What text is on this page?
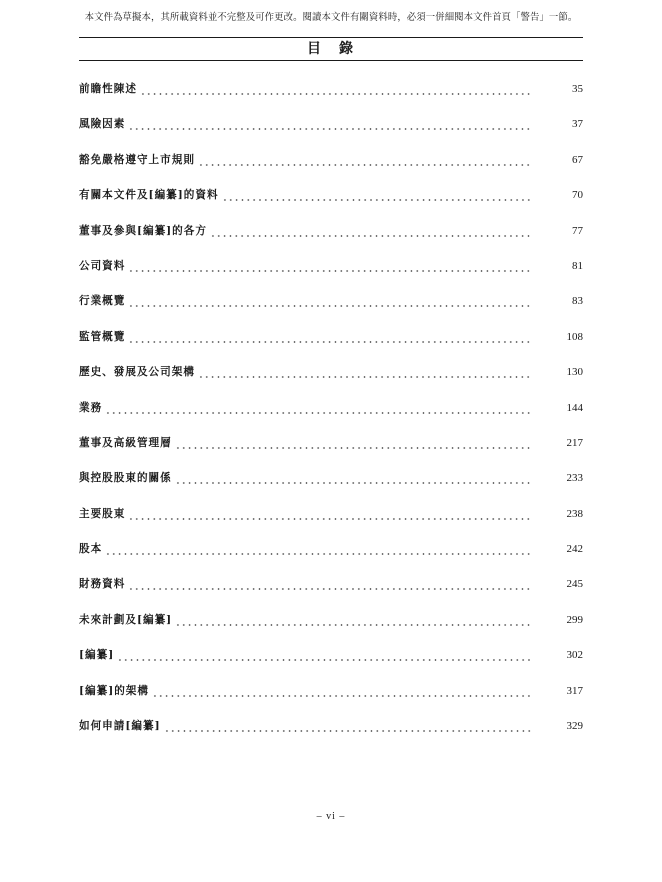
本文件為草擬本，其所載資料並不完整及可作更改。閱讀本文件有關資料時，必須一併細閱本文件首頁「警告」一節。
目　錄
前瞻性陳述	35
風險因素	37
豁免嚴格遵守上市規則	67
有關本文件及[編纂]的資料	70
董事及參與[編纂]的各方	77
公司資料	81
行業概覽	83
監管概覽	108
歷史、發展及公司架構	130
業務	144
董事及高級管理層	217
與控股股東的關係	233
主要股東	238
股本	242
財務資料	245
未來計劃及[編纂]	299
[編纂]	302
[編纂]的架構	317
如何申請[編纂]	329
– vi –
